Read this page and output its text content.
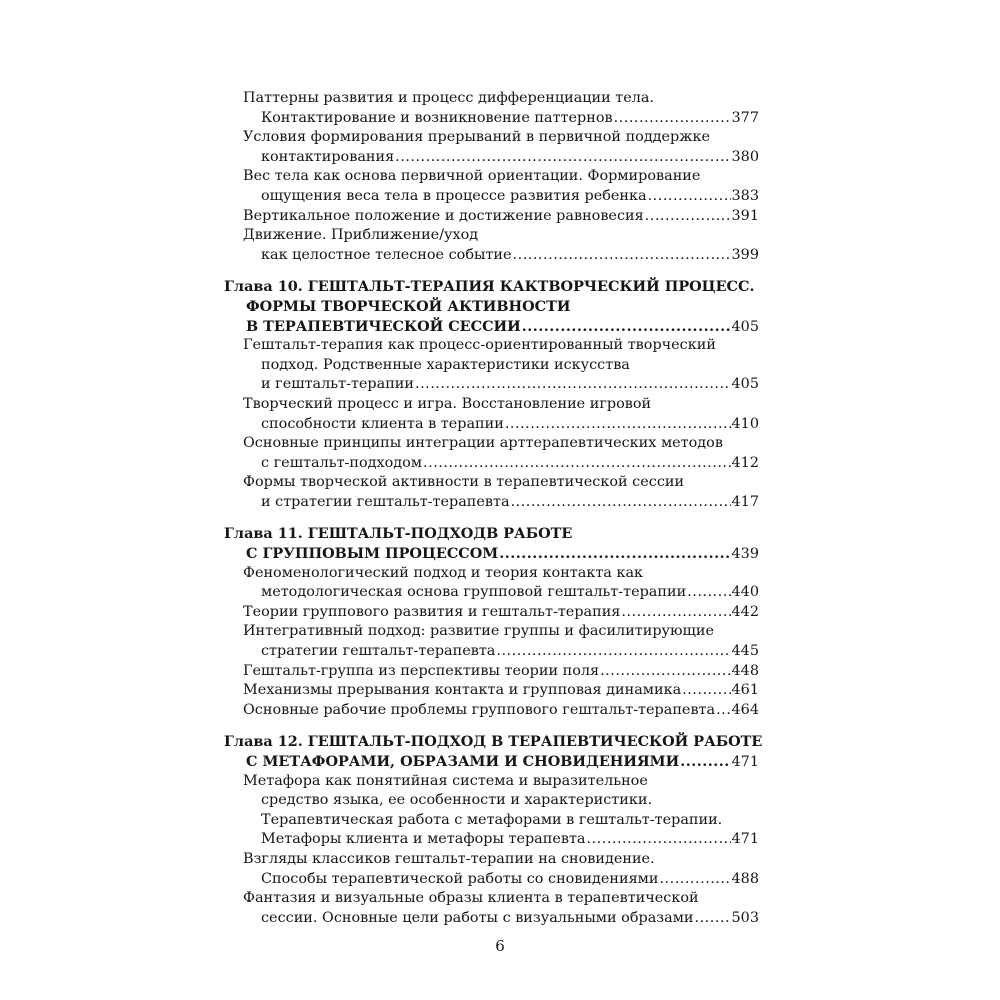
Паттерны развития и процесс дифференциации тела.
Контактирование и возникновение паттернов .....	377
Условия формирования прерываний в первичной поддержке
контактирования .....	380
Вес тела как основа первичной ориентации. Формирование
ощущения веса тела в процессе развития ребенка .....	383
Вертикальное положение и достижение равновесия .....	391
Движение. Приближение/уход
как целостное телесное событие .....	399
Глава 10. ГЕШТАЛЬТ-ТЕРАПИЯ КАКТВОРЧЕСКИЙ ПРОЦЕСС.
ФОРМЫ ТВОРЧЕСКОЙ АКТИВНОСТИ
В ТЕРАПЕВТИЧЕСКОЙ СЕССИИ .....	405
Гештальт-терапия как процесс-ориентированный творческий
подход. Родственные характеристики искусства
и гештальт-терапии .....	405
Творческий процесс и игра. Восстановление игровой
способности клиента в терапии .....	410
Основные принципы интеграции арттерапевтических методов
с гештальт-подходом .....	412
Формы творческой активности в терапевтической сессии
и стратегии гештальт-терапевта .....	417
Глава 11. ГЕШТАЛЬТ-ПОДХОДВ РАБОТЕ
С ГРУППОВЫМ ПРОЦЕССОМ .....	439
Феноменологический подход и теория контакта как
методологическая основа групповой гештальт-терапии .....	440
Теории группового развития и гештальт-терапия .....	442
Интегративный подход: развитие группы и фасилитирующие
стратегии гештальт-терапевта .....	445
Гештальт-группа из перспективы теории поля .....	448
Механизмы прерывания контакта и групповая динамика .....	461
Основные рабочие проблемы группового гештальт-терапевта ..... 464
Глава 12. ГЕШТАЛЬТ-ПОДХОД В ТЕРАПЕВТИЧЕСКОЙ РАБОТЕ
С МЕТАФОРАМИ, ОБРАЗАМИ И СНОВИДЕНИЯМИ .....	471
Метафора как понятийная система и выразительное
средство языка, ее особенности и характеристики.
Терапевтическая работа с метафорами в гештальт-терапии.
Метафоры клиента и метафоры терапевта .....	471
Взгляды классиков гештальт-терапии на сновидение.
Способы терапевтической работы со сновидениями .....	488
Фантазия и визуальные образы клиента в терапевтической
сессии. Основные цели работы с визуальными образами .....	503
6
